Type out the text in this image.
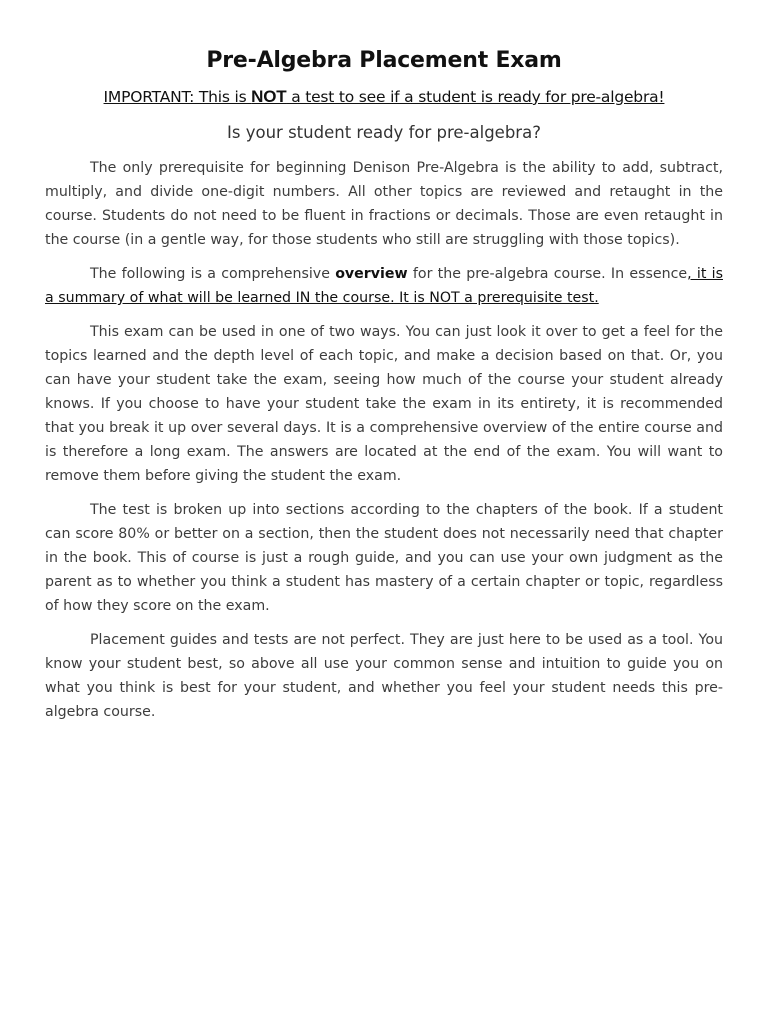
Pre-Algebra Placement Exam

IMPORTANT: This is NOT a test to see if a student is ready for pre-algebra!

Is your student ready for pre-algebra?

The only prerequisite for beginning Denison Pre-Algebra is the ability to add, subtract, multiply, and divide one-digit numbers. All other topics are reviewed and retaught in the course. Students do not need to be fluent in fractions or decimals. Those are even retaught in the course (in a gentle way, for those students who still are struggling with those topics).

The following is a comprehensive overview for the pre-algebra course. In essence, it is a summary of what will be learned IN the course. It is NOT a prerequisite test.

This exam can be used in one of two ways. You can just look it over to get a feel for the topics learned and the depth level of each topic, and make a decision based on that. Or, you can have your student take the exam, seeing how much of the course your student already knows. If you choose to have your student take the exam in its entirety, it is recommended that you break it up over several days. It is a comprehensive overview of the entire course and is therefore a long exam. The answers are located at the end of the exam. You will want to remove them before giving the student the exam.

The test is broken up into sections according to the chapters of the book. If a student can score 80% or better on a section, then the student does not necessarily need that chapter in the book. This of course is just a rough guide, and you can use your own judgment as the parent as to whether you think a student has mastery of a certain chapter or topic, regardless of how they score on the exam.

Placement guides and tests are not perfect. They are just here to be used as a tool. You know your student best, so above all use your common sense and intuition to guide you on what you think is best for your student, and whether you feel your student needs this pre-algebra course.
